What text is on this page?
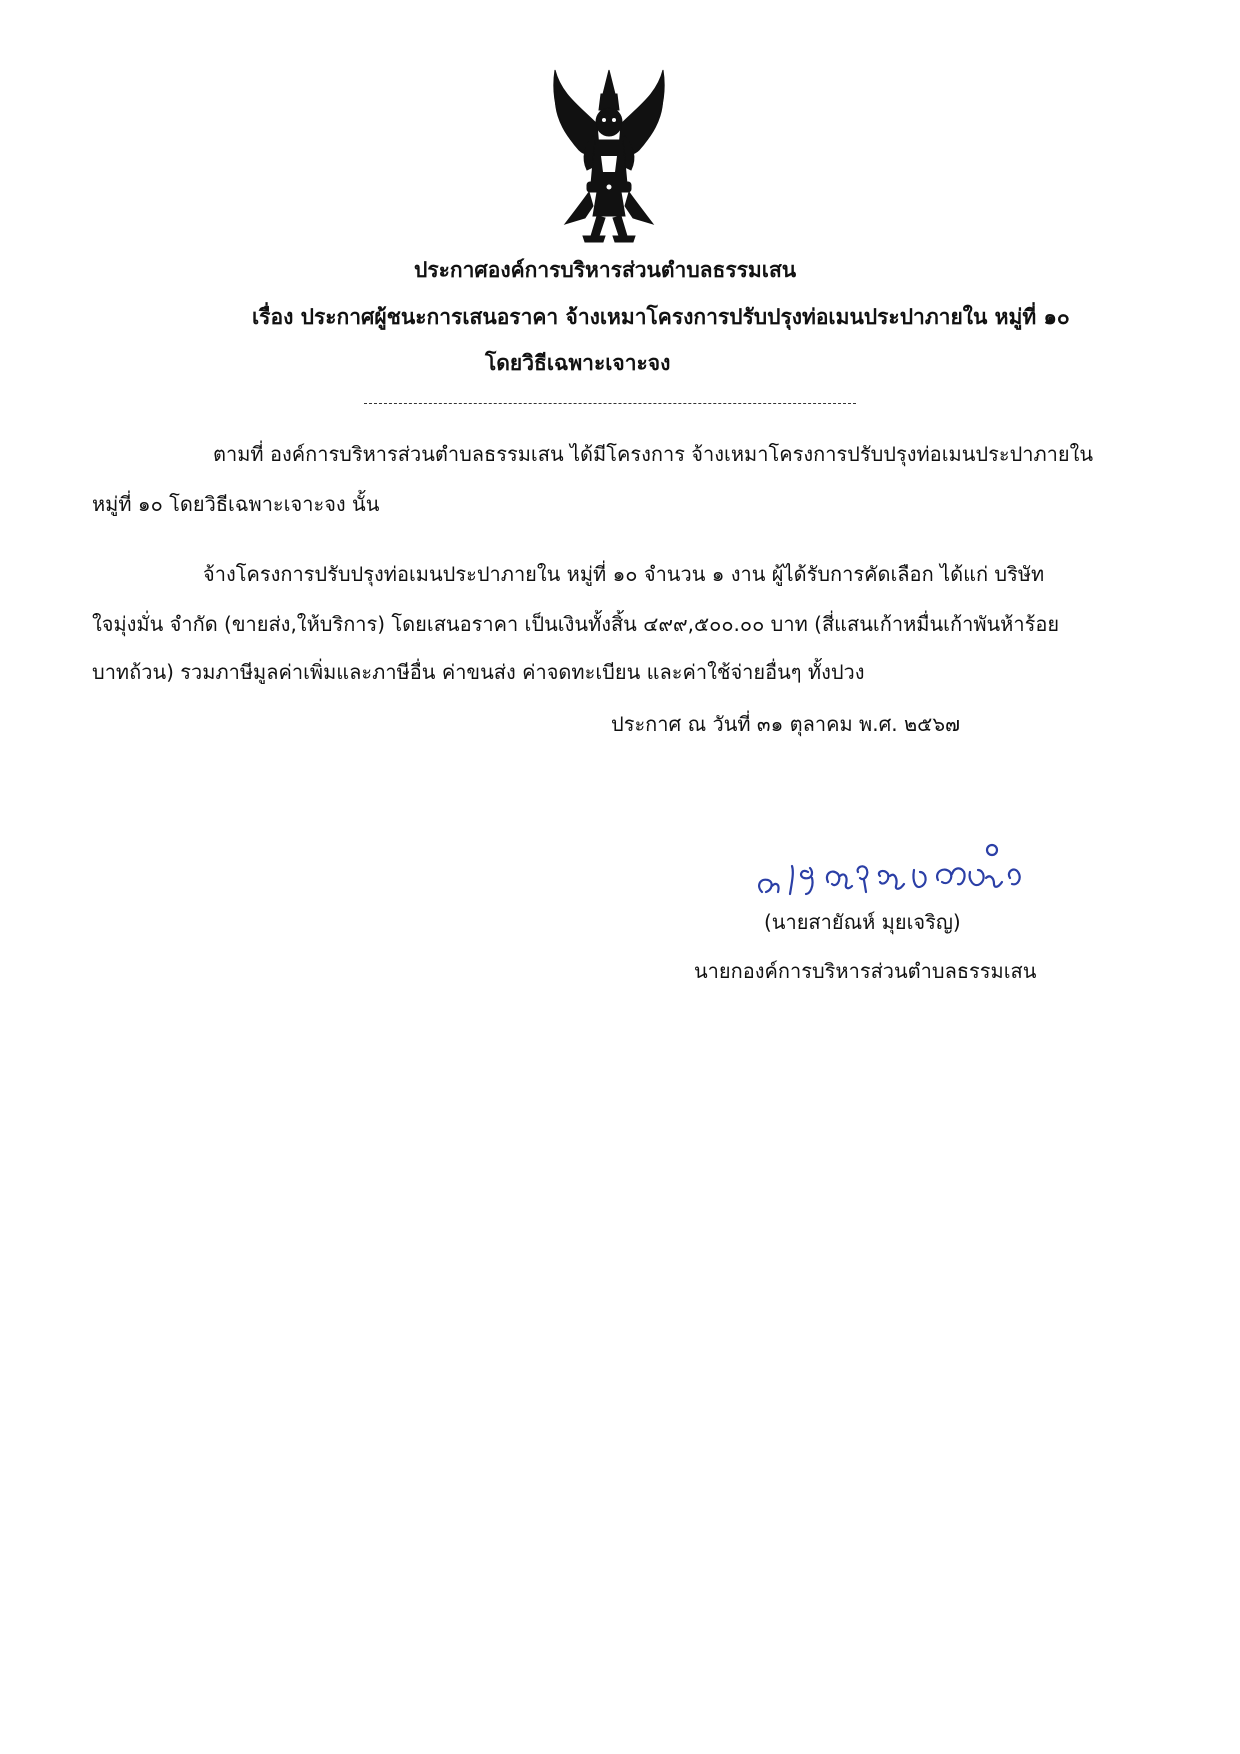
ประกาศองค์การบริหารส่วนตำบลธรรมเสน
เรื่อง ประกาศผู้ชนะการเสนอราคา จ้างเหมาโครงการปรับปรุงท่อเมนประปาภายใน หมู่ที่ ๑๐
โดยวิธีเฉพาะเจาะจง
ตามที่ องค์การบริหารส่วนตำบลธรรมเสน ได้มีโครงการ จ้างเหมาโครงการปรับปรุงท่อเมนประปาภายใน
หมู่ที่ ๑๐ โดยวิธีเฉพาะเจาะจง นั้น
จ้างโครงการปรับปรุงท่อเมนประปาภายใน หมู่ที่ ๑๐ จำนวน ๑ งาน ผู้ได้รับการคัดเลือก ได้แก่ บริษัท
ใจมุ่งมั่น จำกัด (ขายส่ง,ให้บริการ) โดยเสนอราคา เป็นเงินทั้งสิ้น ๔๙๙,๕๐๐.๐๐ บาท (สี่แสนเก้าหมื่นเก้าพันห้าร้อย
บาทถ้วน) รวมภาษีมูลค่าเพิ่มและภาษีอื่น ค่าขนส่ง ค่าจดทะเบียน และค่าใช้จ่ายอื่นๆ ทั้งปวง
ประกาศ ณ วันที่ ๓๑ ตุลาคม พ.ศ. ๒๕๖๗
(นายสายัณห์ มุยเจริญ)
นายกองค์การบริหารส่วนตำบลธรรมเสน
